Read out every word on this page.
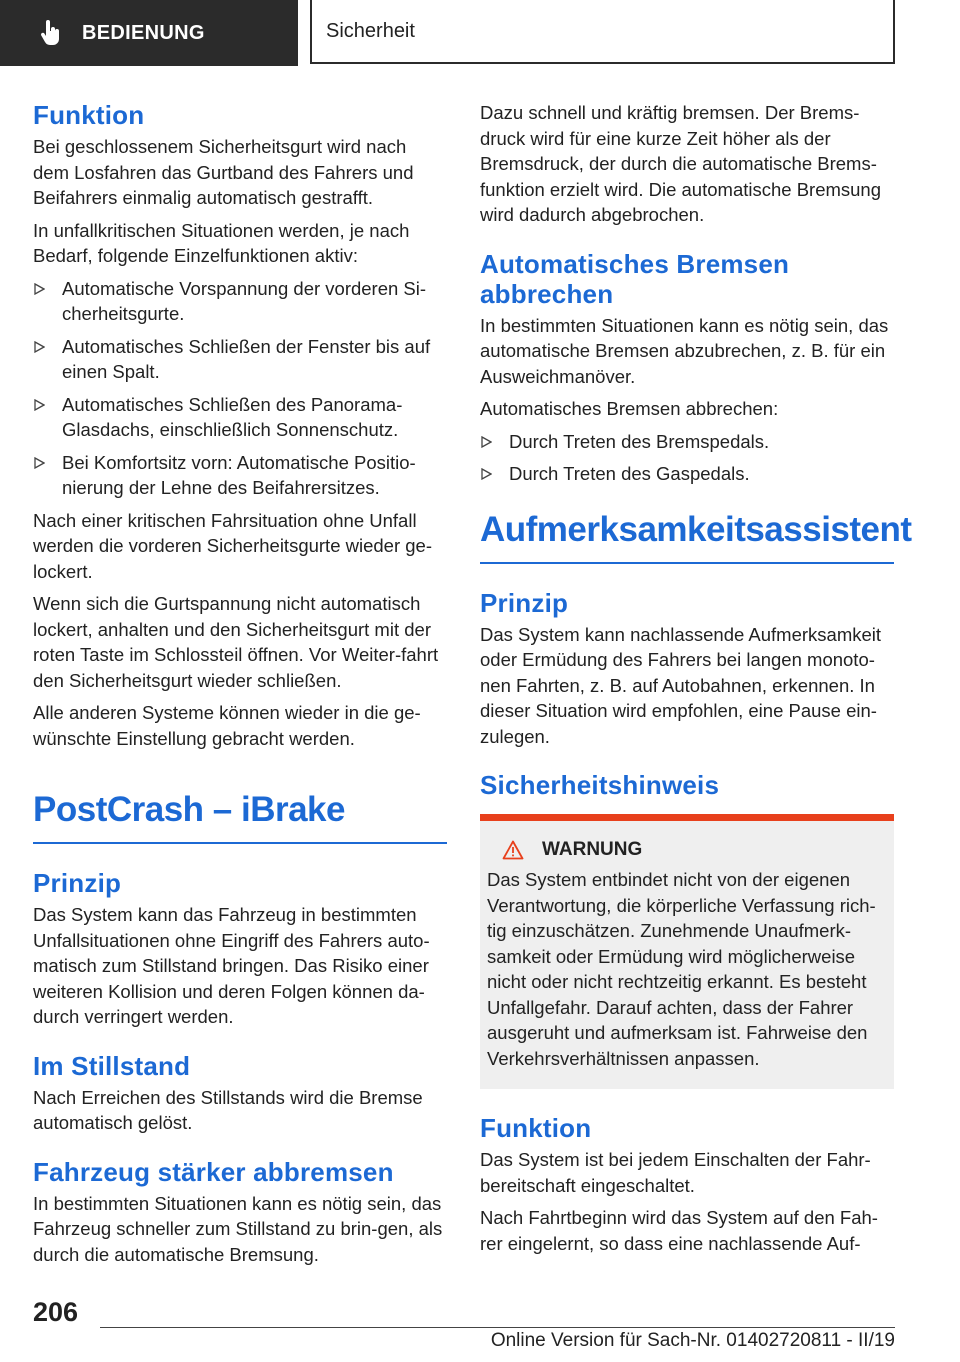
BEDIENUNG	Sicherheit
Funktion

Bei geschlossenem Sicherheitsgurt wird nach dem Losfahren das Gurtband des Fahrers und Beifahrers einmalig automatisch gestrafft.

In unfallkritischen Situationen werden, je nach Bedarf, folgende Einzelfunktionen aktiv:

Automatische Vorspannung der vorderen Si-cherheitsgurte.
Automatisches Schließen der Fenster bis auf einen Spalt.
Automatisches Schließen des Panorama-Glasdachs, einschließlich Sonnenschutz.
Bei Komfortsitz vorn: Automatische Positio-nierung der Lehne des Beifahrersitzes.

Nach einer kritischen Fahrsituation ohne Unfall werden die vorderen Sicherheitsgurte wieder ge-lockert.

Wenn sich die Gurtspannung nicht automatisch lockert, anhalten und den Sicherheitsgurt mit der roten Taste im Schlossteil öffnen. Vor Weiter-fahrt den Sicherheitsgurt wieder schließen.

Alle anderen Systeme können wieder in die ge-wünschte Einstellung gebracht werden.

PostCrash – iBrake
Prinzip

Das System kann das Fahrzeug in bestimmten Unfallsituationen ohne Eingriff des Fahrers auto-matisch zum Stillstand bringen. Das Risiko einer weiteren Kollision und deren Folgen können da-durch verringert werden.

Im Stillstand

Nach Erreichen des Stillstands wird die Bremse automatisch gelöst.

Fahrzeug stärker abbremsen

In bestimmten Situationen kann es nötig sein, das Fahrzeug schneller zum Stillstand zu brin-gen, als durch die automatische Bremsung.

Dazu schnell und kräftig bremsen. Der Brems-druck wird für eine kurze Zeit höher als der Bremsdruck, der durch die automatische Brems-funktion erzielt wird. Die automatische Bremsung wird dadurch abgebrochen.

Automatisches Bremsen abbrechen

In bestimmten Situationen kann es nötig sein, das automatische Bremsen abzubrechen, z. B. für ein Ausweichmanöver.

Automatisches Bremsen abbrechen:

Durch Treten des Bremspedals.
Durch Treten des Gaspedals.
Aufmerksamkeitsassistent
Prinzip

Das System kann nachlassende Aufmerksamkeit oder Ermüdung des Fahrers bei langen monoto-nen Fahrten, z. B. auf Autobahnen, erkennen. In dieser Situation wird empfohlen, eine Pause ein-zulegen.

Sicherheitshinweis
WARNUNG

Das System entbindet nicht von der eigenen Verantwortung, die körperliche Verfassung rich-tig einzuschätzen. Zunehmende Unaufmerk-samkeit oder Ermüdung wird möglicherweise nicht oder nicht rechtzeitig erkannt. Es besteht Unfallgefahr. Darauf achten, dass der Fahrer ausgeruht und aufmerksam ist. Fahrweise den Verkehrsverhältnissen anpassen.

Funktion

Das System ist bei jedem Einschalten der Fahr-bereitschaft eingeschaltet.

Nach Fahrtbeginn wird das System auf den Fah-rer eingelernt, so dass eine nachlassende Auf-

206
Online Version für Sach-Nr. 01402720811 - II/19
